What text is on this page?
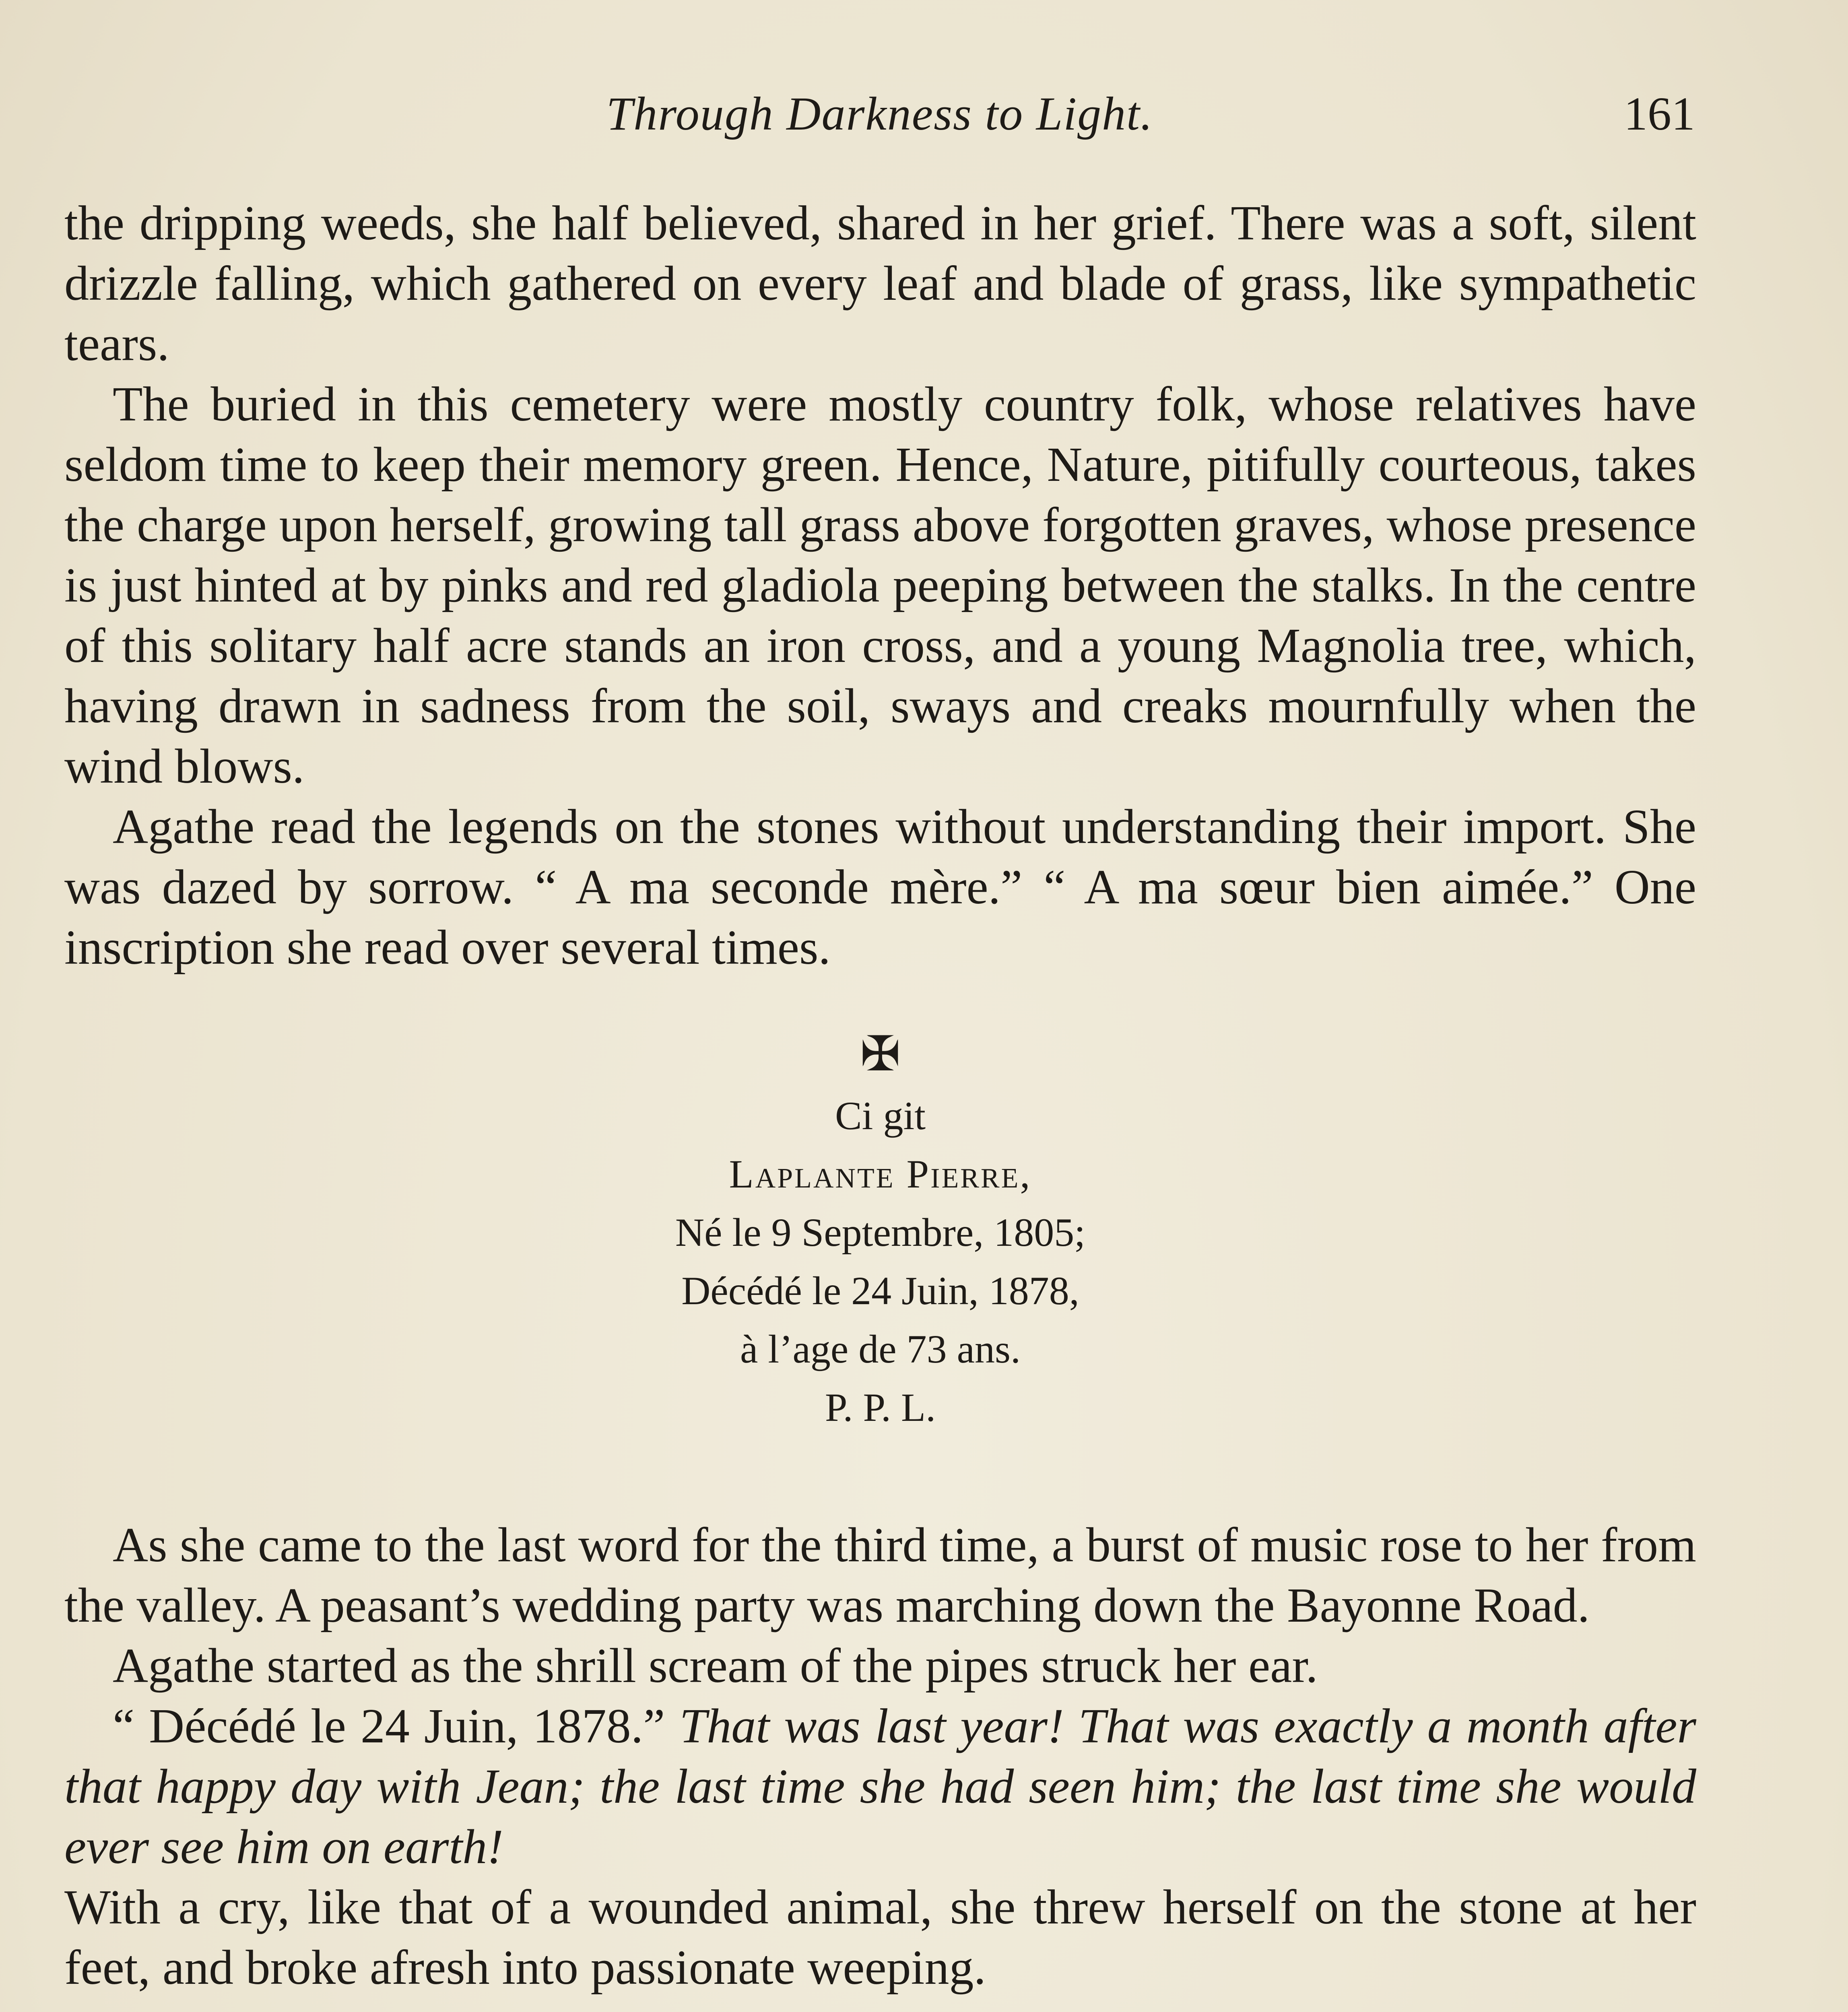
Through Darkness to Light.	161

the dripping weeds, she half believed, shared in her grief. There was a soft, silent drizzle falling, which gathered on every leaf and blade of grass, like sympathetic tears.

The buried in this cemetery were mostly country folk, whose relatives have seldom time to keep their memory green. Hence, Nature, pitifully courteous, takes the charge upon herself, growing tall grass above forgotten graves, whose presence is just hinted at by pinks and red gladiola peeping between the stalks. In the centre of this solitary half acre stands an iron cross, and a young Magnolia tree, which, having drawn in sadness from the soil, sways and creaks mournfully when the wind blows.

Agathe read the legends on the stones without understanding their import. She was dazed by sorrow. “ A ma seconde mère.” “ A ma sœur bien aimée.” One inscription she read over several times.

✠
Ci git
Laplante Pierre,
Né le 9 Septembre, 1805;
Décédé le 24 Juin, 1878,
à l’age de 73 ans.
P. P. L.

As she came to the last word for the third time, a burst of music rose to her from the valley. A peasant’s wedding party was marching down the Bayonne Road.

Agathe started as the shrill scream of the pipes struck her ear.

“ Décédé le 24 Juin, 1878.” That was last year! That was exactly a month after that happy day with Jean; the last time she had seen him; the last time she would ever see him on earth!

With a cry, like that of a wounded animal, she threw herself on the stone at her feet, and broke afresh into passionate weeping.
